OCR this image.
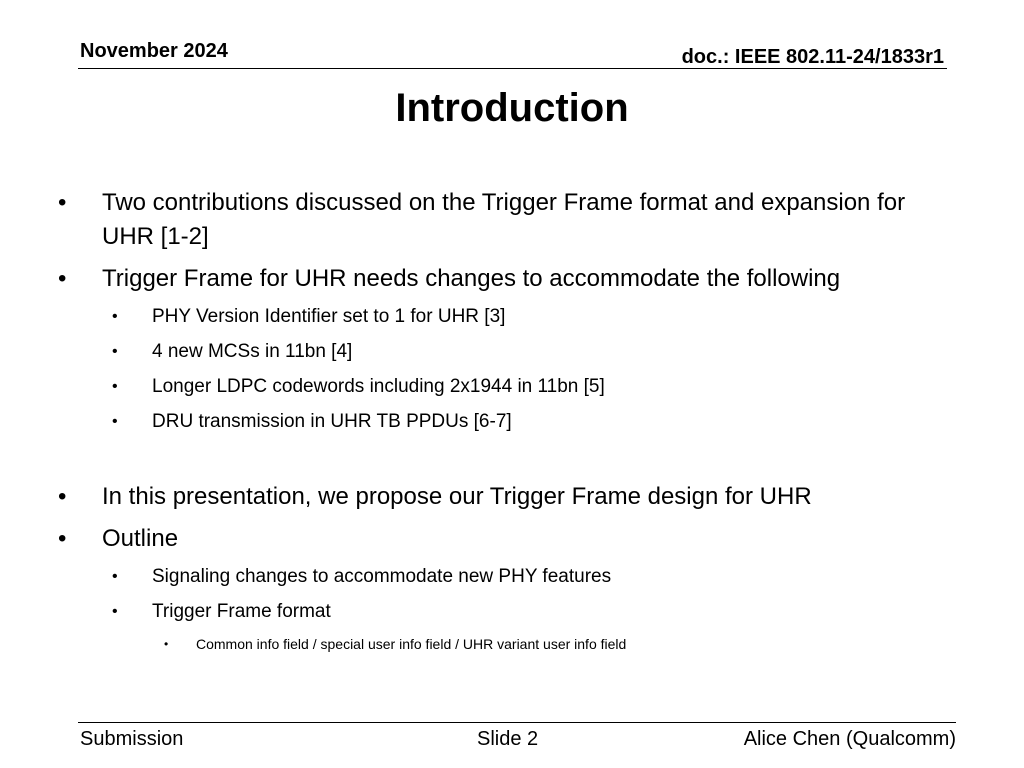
November 2024	doc.: IEEE 802.11-24/1833r1
Introduction
• Two contributions discussed on the Trigger Frame format and expansion for UHR [1-2]
• Trigger Frame for UHR needs changes to accommodate the following
• PHY Version Identifier set to 1 for UHR [3]
• 4 new MCSs in 11bn [4]
• Longer LDPC codewords including 2x1944 in 11bn [5]
• DRU transmission in UHR TB PPDUs [6-7]
• In this presentation, we propose our Trigger Frame design for UHR
• Outline
• Signaling changes to accommodate new PHY features
• Trigger Frame format
• Common info field / special user info field / UHR variant user info field
Submission	Slide 2	Alice Chen (Qualcomm)
